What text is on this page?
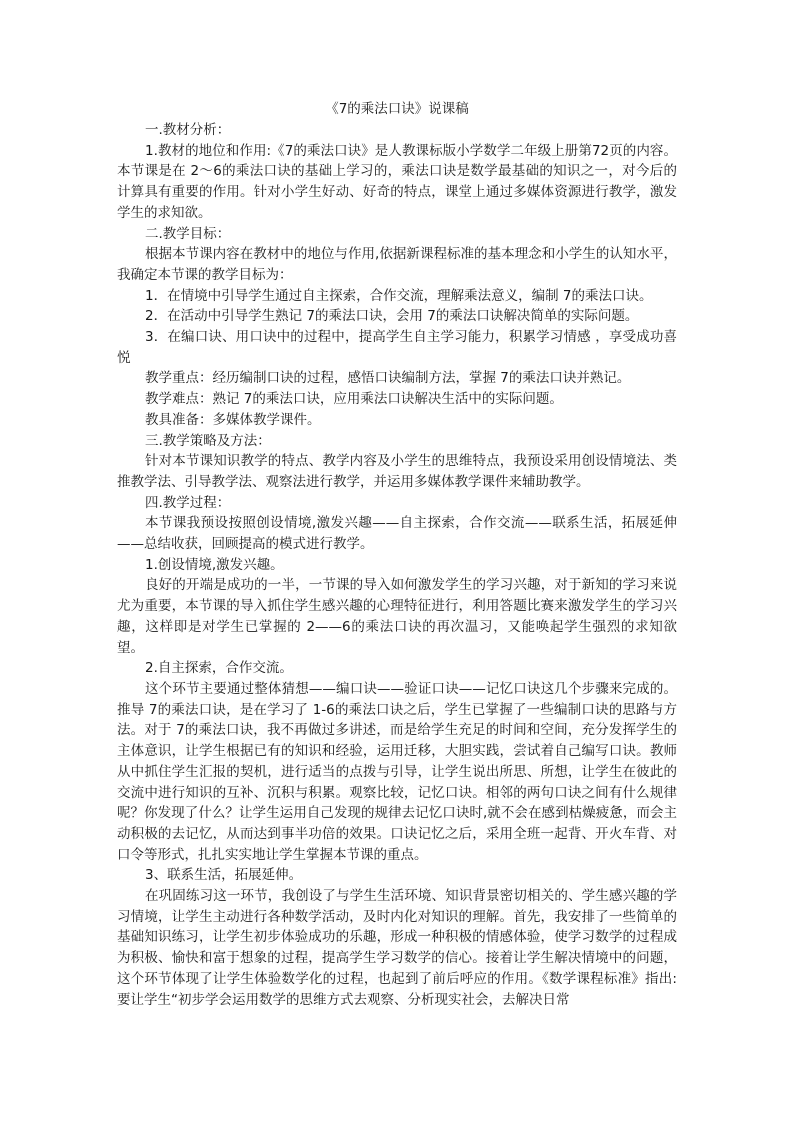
《7的乘法口诀》说课稿

一.教材分析：

1.教材的地位和作用:《7的乘法口诀》是人教课标版小学数学二年级上册第72页的内容。本节课是在 2～6的乘法口诀的基础上学习的，乘法口诀是数学最基础的知识之一，对今后的计算具有重要的作用。针对小学生好动、好奇的特点，课堂上通过多媒体资源进行教学，激发学生的求知欲。

二.教学目标：

根据本节课内容在教材中的地位与作用,依据新课程标准的基本理念和小学生的认知水平，我确定本节课的教学目标为：

1．在情境中引导学生通过自主探索，合作交流，理解乘法意义，编制 7的乘法口诀。

2．在活动中引导学生熟记 7的乘法口诀，会用 7的乘法口诀解决简单的实际问题。

3．在编口诀、用口诀中的过程中，提高学生自主学习能力，积累学习情感 ，享受成功喜悦

教学重点：经历编制口诀的过程，感悟口诀编制方法，掌握 7的乘法口诀并熟记。

教学难点：熟记 7的乘法口诀，应用乘法口诀解决生活中的实际问题。

教具准备：多媒体教学课件。

三.教学策略及方法：

针对本节课知识教学的特点、教学内容及小学生的思维特点，我预设采用创设情境法、类推教学法、引导教学法、观察法进行教学，并运用多媒体教学课件来辅助教学。

四.教学过程：

本节课我预设按照创设情境,激发兴趣——自主探索，合作交流——联系生活，拓展延伸——总结收获，回顾提高的模式进行教学。

1.创设情境,激发兴趣。

良好的开端是成功的一半，一节课的导入如何激发学生的学习兴趣，对于新知的学习来说尤为重要，本节课的导入抓住学生感兴趣的心理特征进行，利用答题比赛来激发学生的学习兴趣，这样即是对学生已掌握的 2——6的乘法口诀的再次温习，又能唤起学生强烈的求知欲望。

2.自主探索，合作交流。

这个环节主要通过整体猜想——编口诀——验证口诀——记忆口诀这几个步骤来完成的。 推导 7的乘法口诀，是在学习了 1-6的乘法口诀之后，学生已掌握了一些编制口诀的思路与方法。对于 7的乘法口诀，我不再做过多讲述，而是给学生充足的时间和空间，充分发挥学生的主体意识，让学生根据已有的知识和经验，运用迁移，大胆实践，尝试着自己编写口诀。教师从中抓住学生汇报的契机，进行适当的点拨与引导，让学生说出所思、所想，让学生在彼此的交流中进行知识的互补、沉积与积累。观察比较，记忆口诀。相邻的两句口诀之间有什么规律呢？你发现了什么？让学生运用自己发现的规律去记忆口诀时,就不会在感到枯燥疲惫，而会主动积极的去记忆，从而达到事半功倍的效果。口诀记忆之后，采用全班一起背、开火车背、对口令等形式，扎扎实实地让学生掌握本节课的重点。

3、联系生活，拓展延伸。

在巩固练习这一环节，我创设了与学生生活环境、知识背景密切相关的、学生感兴趣的学习情境，让学生主动进行各种数学活动，及时内化对知识的理解。首先，我安排了一些简单的基础知识练习，让学生初步体验成功的乐趣，形成一种积极的情感体验，使学习数学的过程成为积极、愉快和富于想象的过程，提高学生学习数学的信心。接着让学生解决情境中的问题，这个环节体现了让学生体验数学化的过程，也起到了前后呼应的作用。《数学课程标准》指出: 要让学生“初步学会运用数学的思维方式去观察、分析现实社会，去解决日常
